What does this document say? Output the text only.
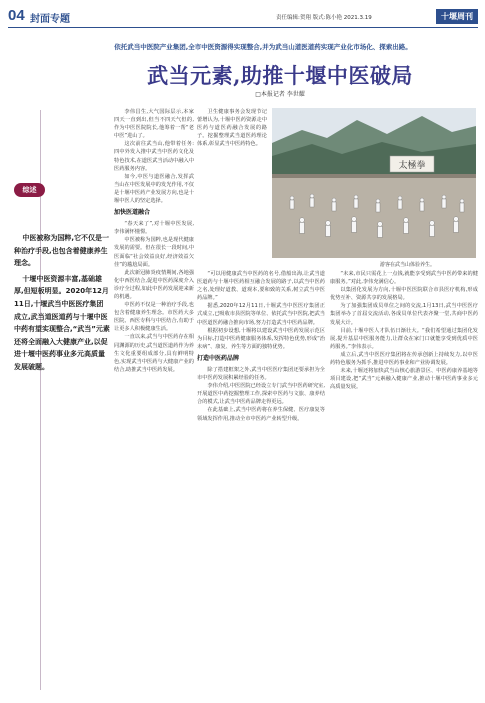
04 封面专题	责任编辑:贺翔 版式:陈小艳 2021.3.19	十堰周刊
依托武当中医院产业集团,全市中医资源得实现整合,并为武当山道医道药实现产业化市场化、探索出路。
武当元素,助推十堰中医破局
□本报记者 李世耀
综述

中医被称为国粹,它不仅是一种治疗手段,也包含着健康养生理念。

十堰中医资源丰富,基础雄厚,但短板明显。2020年12月11日,十堰武当中医医疗集团成立,武当道医道药与十堰中医中药有望实现整合,“武当”元素还将全面融入大健康产业,以促进十堰中医药事业多元高质量发展破题。

李伟昌生,大气国际层示,本家四天一直到出,但当不四天气但的,作为中医医院院长,他筹着一帮“老中医”进山了。

这次前往武当山,他带着任务:四中外发入推中武当中医药文化及特色技术,在道医武当活动中融入中医药服务内容。

如今,中医与道医融合,发挥武当山在中医发展中的发光作用,不仅是十堰中医药产业发展方向,也是十堰中医人的坚定选择。

加快医道融合

“春天来了”,对十堰中医发展,李伟满怀憧憬。

中医被称为国粹,也是现代健康发展的需要。但在很长一段时间,中医面临“社会效益良好,经济效益欠佳”的尴尬局面。

此次新冠肺炎疫情期间,各地强化中西医结合,促进中医药深度介入诊疗全过程,如此中医药发展迎来新的机遇。

中医药不仅是一种治疗手段,也包含着健康养生理念。市医药大多医院、西医专科与中医结合,有助于让更多人积极健康生活。

一直以来,武当与中医药存在相同渊源的历史,武当道医道药作为养生文化重要组成部分,具有鲜明特色,实现武当中医药与大健康产业的结合,助推武当中医药发展。

卫生健康事务会发现节记蕾增认为,十堰中医药资源走中医药与道医药融合发展的路子。挖掘整理武当道医药理论体系,彰显武当中医药特色。

太極拳
游客在武当山体验养生。

“可以用健康武当中医药的名号,借船出海,让武当道医道药与十堰中医药相互融合发展的路子,以武当中医药之名,处理好道教、道观本,要和致的关系,树立武当中医药品牌。”

据悉,2020年12月11日,十堰武当中医医疗集团正式成立,已吸收市县医院等单位、依托武当中医院,把武当中医道医药融合推向市场,努力打造武当中医药品牌。

根据初步设想,十堰将以建设武当中医药发展示范区为目标,打造中医药健康服务体系,发挥特色优势,形成“治未病”、康复、养生等方面的独特优势。

打造中医药品牌

除了搭建框架之外,武当中医医疗集团还要承担为全市中医药发展积累经验的任务。

李伟介绍,中医医院已经设立专门武当中医药研究室,开展道医中药挖掘整理工作,探索中医药与文旅、康养结合的模式,让武当中医药品牌走得更远。

在此基础上,武当中医药将在养生保健、医疗康复等领域发挥作用,推动全市中医药产业转型升级。

“未来,市民只需花上一点钱,就能享受到武当中医药带来的健康服务。”对此,李伟充满信心。

以集团化发展为方向,十堰中医医院联合市县医疗机构,形成优势互补、资源共享的发展格局。

为了加强集团成员单位之间的交流,1月13日,武当中医医疗集团举办了首届交流活动,各成员单位代表齐聚一堂,共商中医药发展大计。

目前,十堰中医人才队伍日渐壮大。“我们希望通过集团化发展,提升基层中医服务能力,让群众在家门口就能享受到优质中医药服务。”李伟表示。

成立后,武当中医医疗集团将在传承创新上持续发力,以中医药特色服务为抓手,推进中医药事业和产业协调发展。

未来,十堰还将加快武当山核心旅游景区、中医药康养基地等项目建设,把“武当”元素融入健康产业,推动十堰中医药事业多元高质量发展。
